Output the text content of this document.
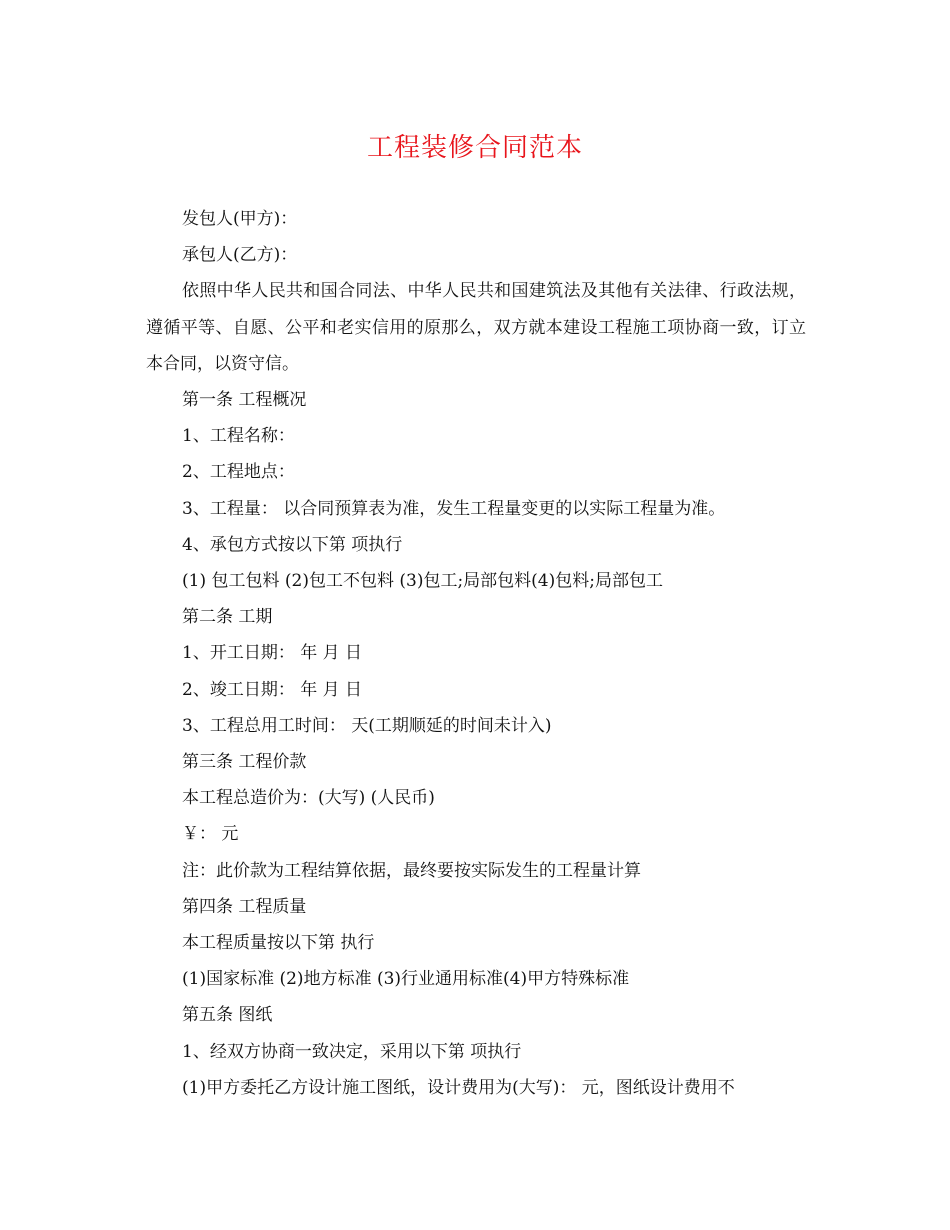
工程装修合同范本

发包人(甲方)：

承包人(乙方)：

依照中华人民共和国合同法、中华人民共和国建筑法及其他有关法律、行政法规，遵循平等、自愿、公平和老实信用的原那么，双方就本建设工程施工项协商一致，订立本合同，以资守信。

第一条 工程概况

1、工程名称：

2、工程地点：

3、工程量： 以合同预算表为准，发生工程量变更的以实际工程量为准。

4、承包方式按以下第 项执行

(1) 包工包料 (2)包工不包料 (3)包工;局部包料(4)包料;局部包工

第二条 工期

1、开工日期： 年 月 日

2、竣工日期： 年 月 日

3、工程总用工时间： 天(工期顺延的时间未计入)

第三条 工程价款

本工程总造价为：(大写) (人民币)

￥： 元

注：此价款为工程结算依据，最终要按实际发生的工程量计算

第四条 工程质量

本工程质量按以下第 执行

(1)国家标准 (2)地方标准 (3)行业通用标准(4)甲方特殊标准

第五条 图纸

1、经双方协商一致决定，采用以下第 项执行

(1)甲方委托乙方设计施工图纸，设计费用为(大写)： 元，图纸设计费用不
